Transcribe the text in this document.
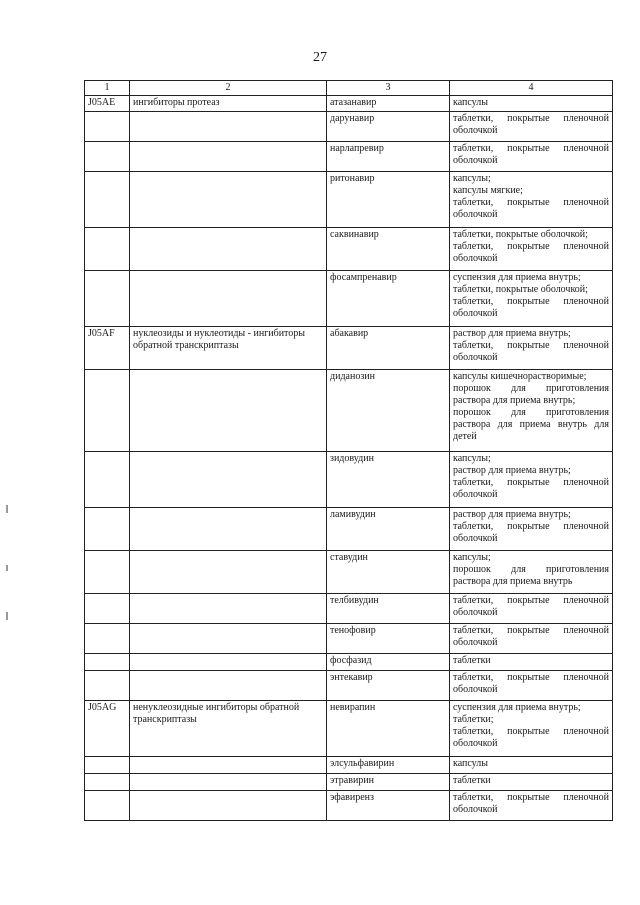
27
1	2	3	4
J05AE	ингибиторы протеаз	атазанавир	капсулы
		дарунавир	таблетки, покрытые пленочной оболочкой
		нарлапревир	таблетки, покрытые пленочной оболочкой
		ритонавир	капсулы;
капсулы мягкие;
таблетки, покрытые пленочной оболочкой
		саквинавир	таблетки, покрытые оболочкой;
таблетки, покрытые пленочной оболочкой
		фосампренавир	суспензия для приема внутрь;
таблетки, покрытые оболочкой;
таблетки, покрытые пленочной оболочкой
J05AF	нуклеозиды и нуклеотиды - ингибиторы обратной транскриптазы	абакавир	раствор для приема внутрь;
таблетки, покрытые пленочной оболочкой
		диданозин	капсулы кишечнорастворимые;
порошок для приготовления раствора для приема внутрь;
порошок для приготовления раствора для приема внутрь для детей
		зидовудин	капсулы;
раствор для приема внутрь;
таблетки, покрытые пленочной оболочкой
		ламивудин	раствор для приема внутрь;
таблетки, покрытые пленочной оболочкой
		ставудин	капсулы;
порошок для приготовления раствора для приема внутрь
		телбивудин	таблетки, покрытые пленочной оболочкой
		тенофовир	таблетки, покрытые пленочной оболочкой
		фосфазид	таблетки
		энтекавир	таблетки, покрытые пленочной оболочкой
J05AG	ненуклеозидные ингибиторы обратной транскриптазы	невирапин	суспензия для приема внутрь;
таблетки;
таблетки, покрытые пленочной оболочкой
		элсульфавирин	капсулы
		этравирин	таблетки
		эфавиренз	таблетки, покрытые пленочной оболочкой
